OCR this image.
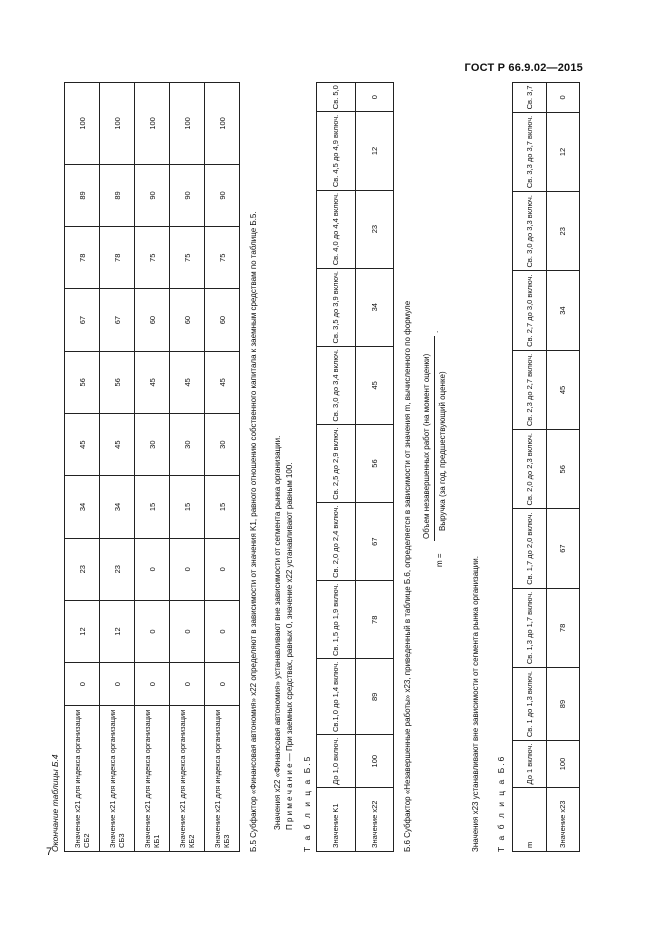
ГОСТ Р 66.9.02—2015
Окончание таблицы Б.4 Значение x21 для индекса организации СБ2	0	12	23	34	45	56	67	78	89	100
Значение x21 для индекса организации СБ3	0	12	23	34	45	56	67	78	89	100
Значение x21 для индекса организации КБ1	0	0	0	15	30	45	60	75	90	100
Значение x21 для индекса организации КБ2	0	0	0	15	30	45	60	75	90	100
Значение x21 для индекса организации КБ3	0	0	0	15	30	45	60	75	90	100
Б.5 Субфактор «Финансовая автономия» x22 определяют в зависимости от значения K1, равного отношению собственного капитала к заемным средствам по таблице Б.5. Значения x22 «Финансовая автономия» устанавливают вне зависимости от сегмента рынка организации. П р и м е ч а н и е — При заемных средствах, равных 0, значение x22 устанавливают равным 100. Т а б л и ц а Б.5	Значение K1	До 1,0 включ.	Св.1,0 до 1,4 включ.	Св. 1,5 до 1,9 включ.	Св. 2,0 до 2,4 включ.	Св. 2,5 до 2,9 включ.	Св. 3,0 до 3,4 включ.	Св. 3,5 до 3,9 включ.	Св. 4,0 до 4,4 включ.	Св. 4,5 до 4,9 включ.	Св. 5,0
Значение x22	100	89	78	67	56	45	34	23	12	0
Б.6 Субфактор «Незавершенные работы» x23, приведенный в таблице Б.6, определяется в зависимости от значения m, вычисленного по формуле	m =
Объем незавершенных работ (на момент оценки) Выручка (за год, предшествующий оценке)
.
Значения x23 устанавливают вне зависимости от сегмента рынка организации. Т а б л и ц а Б.6	m	До 1 включ.	Св. 1 до 1,3 включ.	Св. 1,3 до 1,7 включ.	Св. 1,7 до 2,0 включ.	Св. 2,0 до 2,3 включ.	Св. 2,3 до 2,7 включ.	Св. 2,7 до 3,0 включ.	Св. 3,0 до 3,3 включ.	Св. 3,3 до 3,7 включ.	Св. 3,7
Значение x23	100	89	78	67	56	45	34	23	12	0
7
